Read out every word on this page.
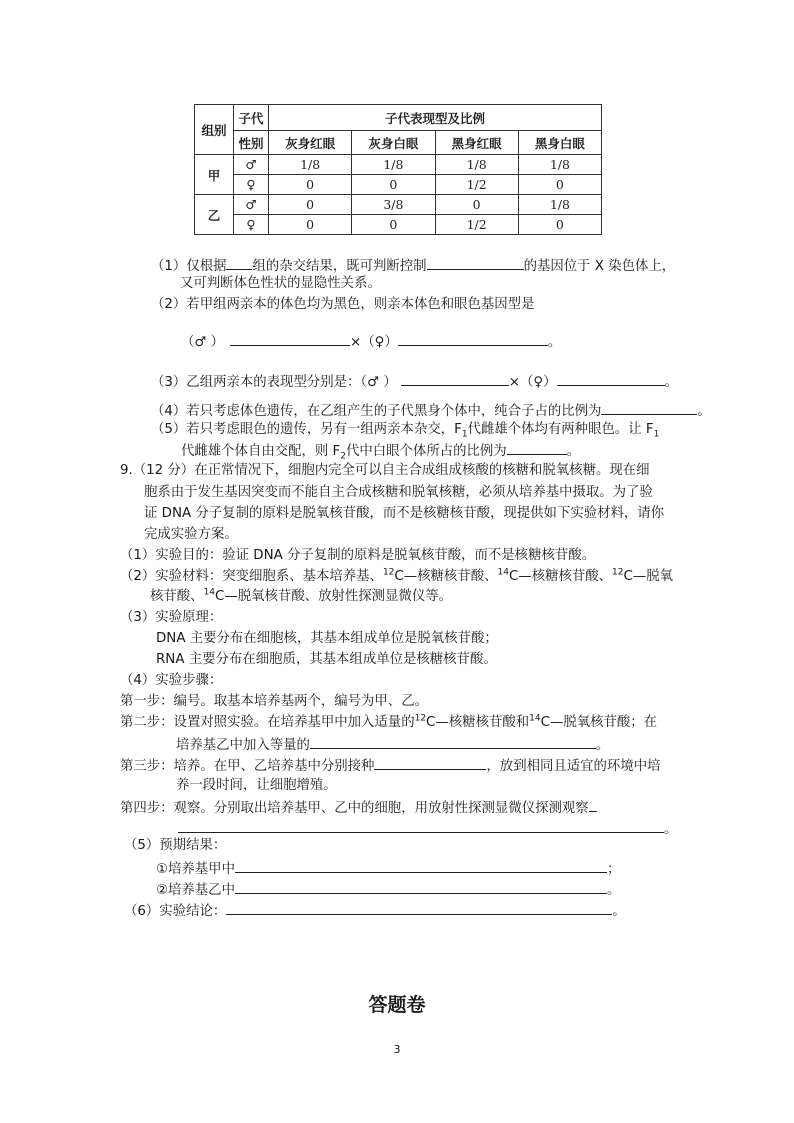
组别	子代	子代表现型及比例			
	性别	灰身红眼	灰身白眼	黑身红眼	黑身白眼
甲	♂	1/8	1/8	1/8	1/8
	♀	0	0	1/2	0
乙	♂	0	3/8	0	1/8
	♀	0	0	1/2	0
（1）仅根据 组的杂交结果，既可判断控制	的基因位于 X 染色体上，
又可判断体色性状的显隐性关系。
（2）若甲组两亲本的体色均为黑色，则亲本体色和眼色基因型是
（♂ ）	×（♀）	。
（3）乙组两亲本的表现型分别是：（♂ ）	×（♀）	。
（4）若只考虑体色遗传，在乙组产生的子代黑身个体中，纯合子占的比例为	。
（5）若只考虑眼色的遗传，另有一组两亲本杂交，$F_1$代雌雄个体均有两种眼色。让 $F_1$
代雌雄个体自由交配，则 $F_2$代中白眼个体所占的比例为	。
9.（12 分）在正常情况下，细胞内完全可以自主合成组成核酸的核糖和脱氧核糖。现在细
胞系由于发生基因突变而不能自主合成核糖和脱氧核糖，必须从培养基中摄取。为了验
证 DNA 分子复制的原料是脱氧核苷酸，而不是核糖核苷酸，现提供如下实验材料，请你
完成实验方案。
（1）实验目的：验证 DNA 分子复制的原料是脱氧核苷酸，而不是核糖核苷酸。
（2）实验材料：突变细胞系、基本培养基、$^{12}$C—核糖核苷酸、$^{14}$C—核糖核苷酸、$^{12}$C—脱氧
核苷酸、$^{14}$C—脱氧核苷酸、放射性探测显微仪等。
（3）实验原理：
DNA 主要分布在细胞核，其基本组成单位是脱氧核苷酸；
RNA 主要分布在细胞质，其基本组成单位是核糖核苷酸。
（4）实验步骤：
第一步：编号。取基本培养基两个，编号为甲、乙。
第二步：设置对照实验。在培养基甲中加入适量的$^{12}$C—核糖核苷酸和$^{14}$C—脱氧核苷酸；在
培养基乙中加入等量的	。
第三步：培养。在甲、乙培养基中分别接种	，放到相同且适宜的环境中培
养一段时间，让细胞增殖。
第四步：观察。分别取出培养基甲、乙中的细胞，用放射性探测显微仪探测观察
。
（5）预期结果：
①培养基甲中	；
②培养基乙中	。
（6）实验结论：	。
答题卷
3
